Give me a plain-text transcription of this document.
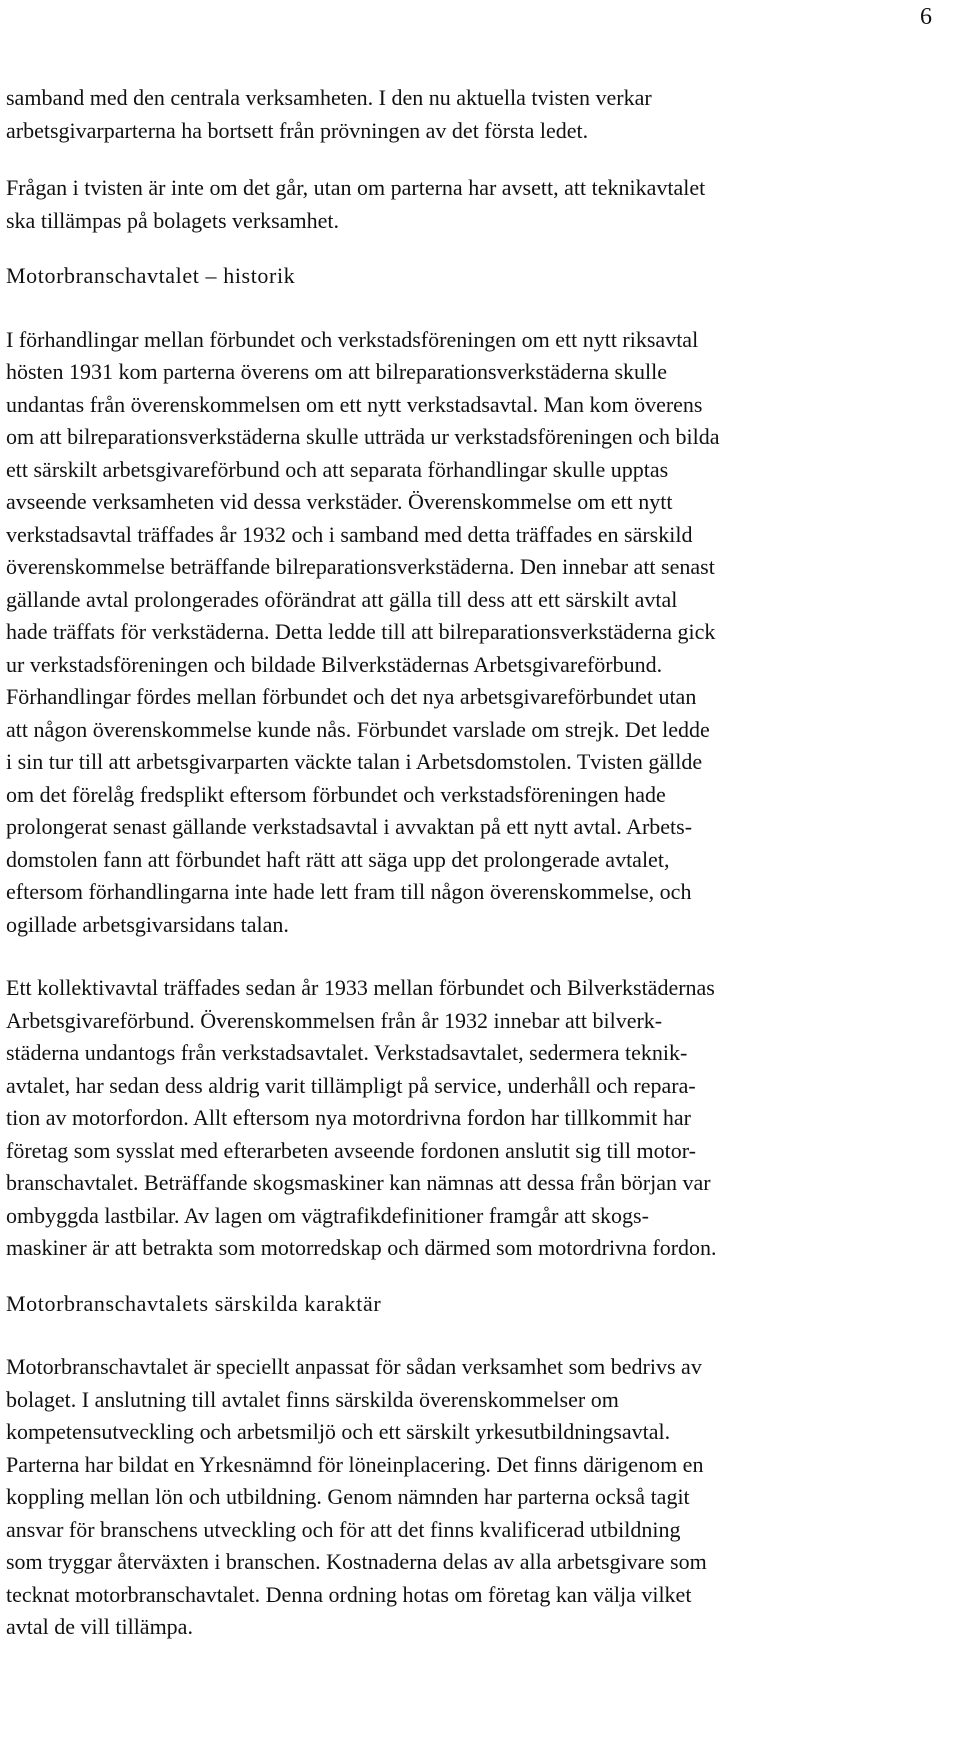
6

samband med den centrala verksamheten. I den nu aktuella tvisten verkar
arbetsgivarparterna ha bortsett från prövningen av det första ledet.

Frågan i tvisten är inte om det går, utan om parterna har avsett, att teknikavtalet
ska tillämpas på bolagets verksamhet.

Motorbranschavtalet – historik

I förhandlingar mellan förbundet och verkstadsföreningen om ett nytt riksavtal
hösten 1931 kom parterna överens om att bilreparationsverkstäderna skulle
undantas från överenskommelsen om ett nytt verkstadsavtal. Man kom överens
om att bilreparationsverkstäderna skulle utträda ur verkstadsföreningen och bilda
ett särskilt arbetsgivareförbund och att separata förhandlingar skulle upptas
avseende verksamheten vid dessa verkstäder. Överenskommelse om ett nytt
verkstadsavtal träffades år 1932 och i samband med detta träffades en särskild
överenskommelse beträffande bilreparationsverkstäderna. Den innebar att senast
gällande avtal prolongerades oförändrat att gälla till dess att ett särskilt avtal
hade träffats för verkstäderna. Detta ledde till att bilreparationsverkstäderna gick
ur verkstadsföreningen och bildade Bilverkstädernas Arbetsgivareförbund.
Förhandlingar fördes mellan förbundet och det nya arbetsgivareförbundet utan
att någon överenskommelse kunde nås. Förbundet varslade om strejk. Det ledde
i sin tur till att arbetsgivarparten väckte talan i Arbetsdomstolen. Tvisten gällde
om det förelåg fredsplikt eftersom förbundet och verkstadsföreningen hade
prolongerat senast gällande verkstadsavtal i avvaktan på ett nytt avtal. Arbets-
domstolen fann att förbundet haft rätt att säga upp det prolongerade avtalet,
eftersom förhandlingarna inte hade lett fram till någon överenskommelse, och
ogillade arbetsgivarsidans talan.

Ett kollektivavtal träffades sedan år 1933 mellan förbundet och Bilverkstädernas
Arbetsgivareförbund. Överenskommelsen från år 1932 innebar att bilverk-
städerna undantogs från verkstadsavtalet. Verkstadsavtalet, sedermera teknik-
avtalet, har sedan dess aldrig varit tillämpligt på service, underhåll och repara-
tion av motorfordon. Allt eftersom nya motordrivna fordon har tillkommit har
företag som sysslat med efterarbeten avseende fordonen anslutit sig till motor-
branschavtalet. Beträffande skogsmaskiner kan nämnas att dessa från början var
ombyggda lastbilar. Av lagen om vägtrafikdefinitioner framgår att skogs-
maskiner är att betrakta som motorredskap och därmed som motordrivna fordon.

Motorbranschavtalets särskilda karaktär

Motorbranschavtalet är speciellt anpassat för sådan verksamhet som bedrivs av
bolaget. I anslutning till avtalet finns särskilda överenskommelser om
kompetensutveckling och arbetsmiljö och ett särskilt yrkesutbildningsavtal.
Parterna har bildat en Yrkesnämnd för löneinplacering. Det finns därigenom en
koppling mellan lön och utbildning. Genom nämnden har parterna också tagit
ansvar för branschens utveckling och för att det finns kvalificerad utbildning
som tryggar återväxten i branschen. Kostnaderna delas av alla arbetsgivare som
tecknat motorbranschavtalet. Denna ordning hotas om företag kan välja vilket
avtal de vill tillämpa.
